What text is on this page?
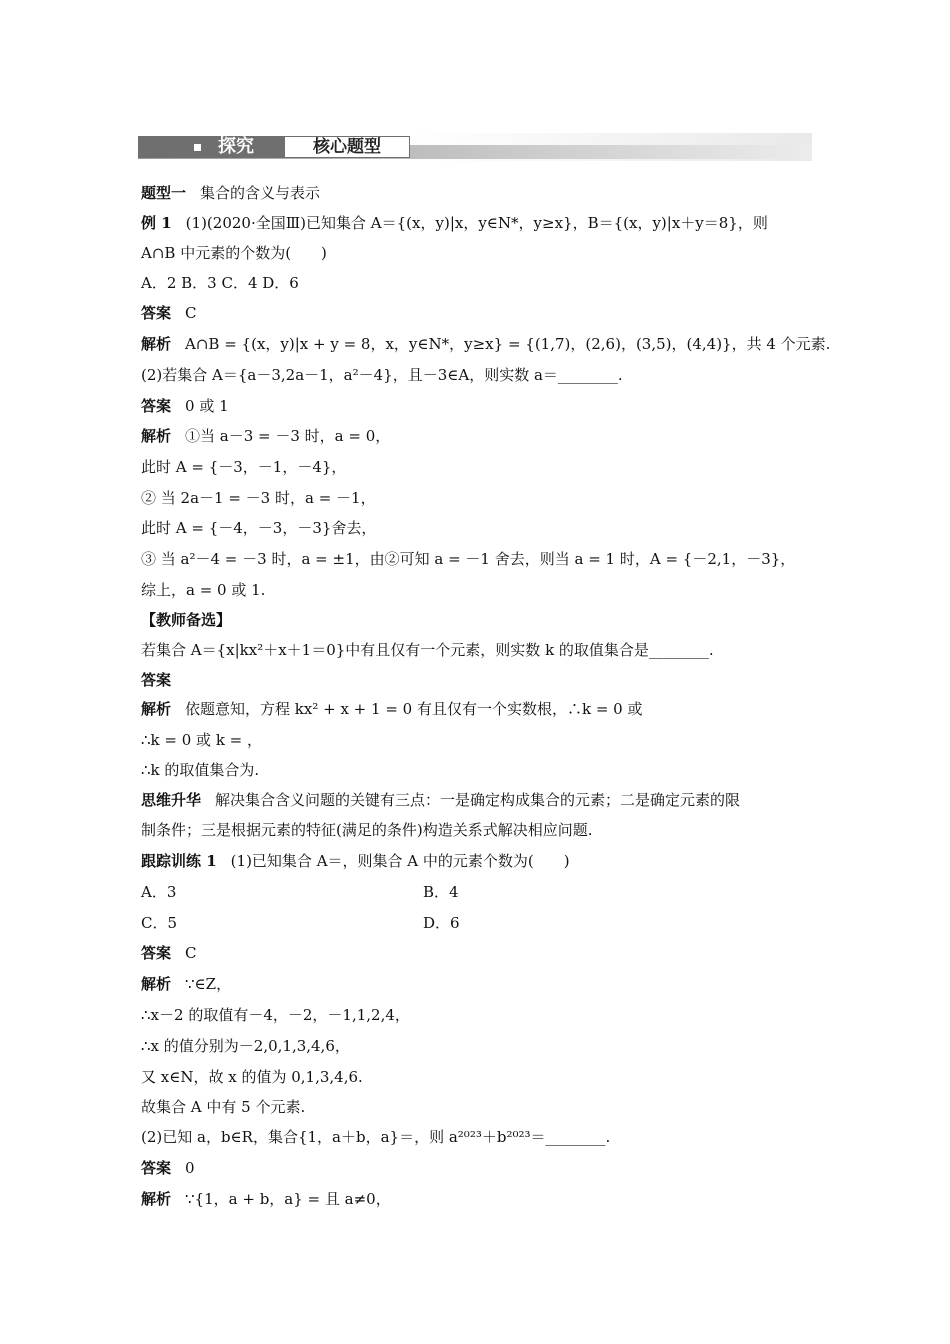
探究	核心题型
题型一 集合的含义与表示
例 1 (1)(2020·全国Ⅲ)已知集合 A＝{(x，y)|x，y∈N*，y≥x}，B＝{(x，y)|x＋y＝8}，则
A∩B 中元素的个数为(　　)
A．2 B．3 C．4 D．6
答案 C
解析 A∩B = {(x，y)|x + y = 8，x，y∈N*，y≥x} = {(1,7)，(2,6)，(3,5)，(4,4)}，共 4 个元素.
(2)若集合 A＝{a－3,2a－1，a²－4}，且－3∈A，则实数 a＝________.
答案 0 或 1
解析 ①当 a－3 = －3 时，a = 0，
此时 A = {－3，－1，－4}，
② 当 2a－1 = －3 时，a = －1，
此时 A = {－4，－3，－3}舍去，
③ 当 a²－4 = －3 时，a = ±1，由②可知 a = －1 舍去，则当 a = 1 时，A = {－2,1，－3}，
综上，a = 0 或 1.
【教师备选】
若集合 A＝{x|kx²＋x＋1＝0}中有且仅有一个元素，则实数 k 的取值集合是________.
答案
解析 依题意知，方程 kx² + x + 1 = 0 有且仅有一个实数根，∴k = 0 或
∴k = 0 或 k = ，
∴k 的取值集合为.
思维升华 解决集合含义问题的关键有三点：一是确定构成集合的元素；二是确定元素的限
制条件；三是根据元素的特征(满足的条件)构造关系式解决相应问题.
跟踪训练 1 (1)已知集合 A＝，则集合 A 中的元素个数为(　　)
A．3	B．4
C．5	D．6
答案 C
解析 ∵∈Z，
∴x－2 的取值有－4，－2，－1,1,2,4，
∴x 的值分别为－2,0,1,3,4,6，
又 x∈N，故 x 的值为 0,1,3,4,6.
故集合 A 中有 5 个元素.
(2)已知 a，b∈R，集合{1，a＋b，a}＝，则 a²⁰²³＋b²⁰²³＝________.
答案 0
解析 ∵{1，a + b，a} = 且 a≠0，
